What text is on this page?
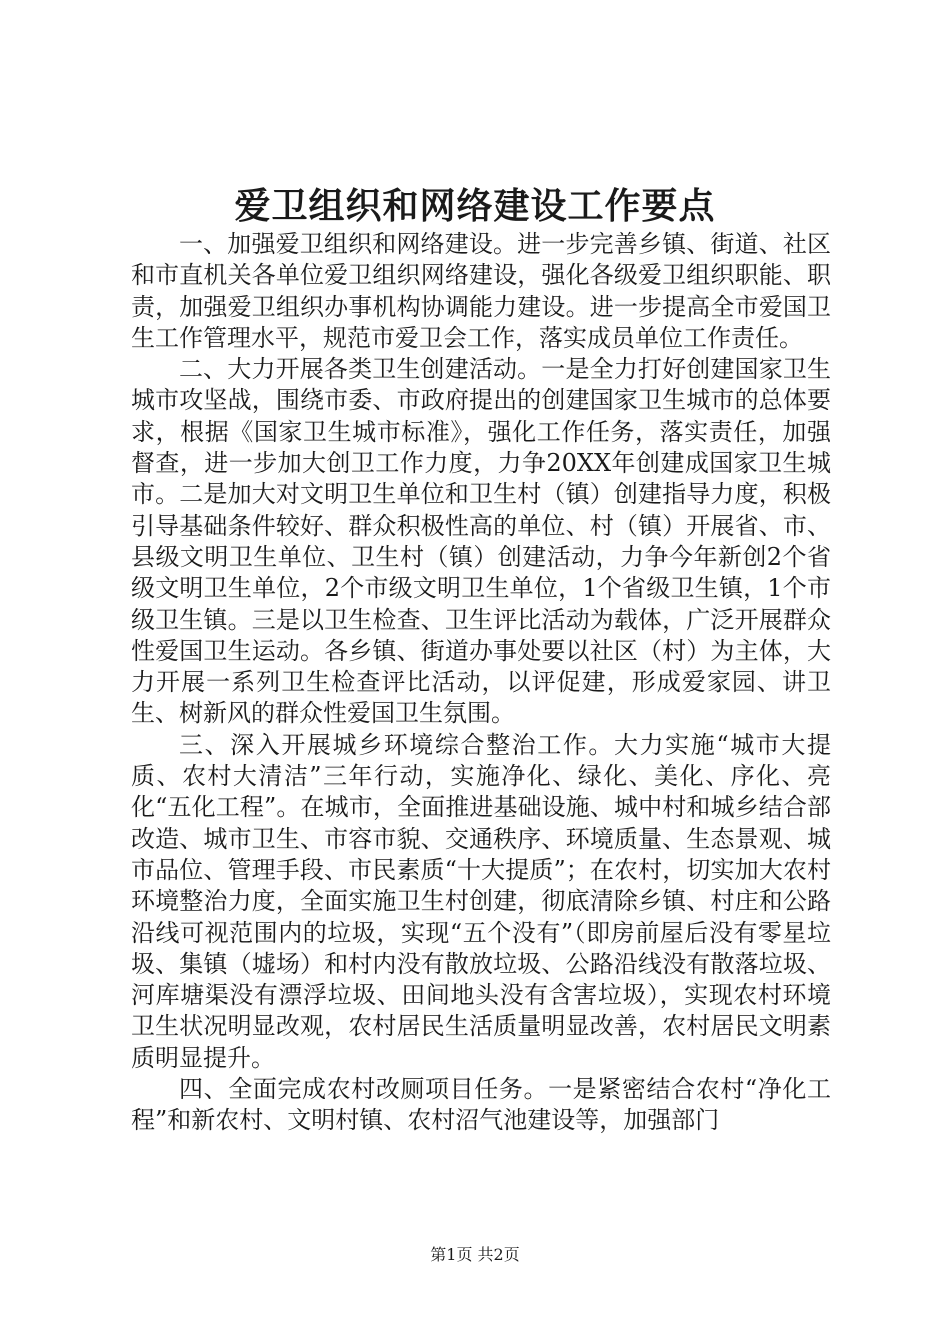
爱卫组织和网络建设工作要点

一、加强爱卫组织和网络建设。进一步完善乡镇、街道、社区和市直机关各单位爱卫组织网络建设，强化各级爱卫组织职能、职责，加强爱卫组织办事机构协调能力建设。进一步提高全市爱国卫生工作管理水平，规范市爱卫会工作，落实成员单位工作责任。

二、大力开展各类卫生创建活动。一是全力打好创建国家卫生城市攻坚战，围绕市委、市政府提出的创建国家卫生城市的总体要求，根据《国家卫生城市标准》，强化工作任务，落实责任，加强督查，进一步加大创卫工作力度，力争20XX年创建成国家卫生城市。二是加大对文明卫生单位和卫生村（镇）创建指导力度，积极引导基础条件较好、群众积极性高的单位、村（镇）开展省、市、县级文明卫生单位、卫生村（镇）创建活动，力争今年新创2个省级文明卫生单位，2个市级文明卫生单位，1个省级卫生镇，1个市级卫生镇。三是以卫生检查、卫生评比活动为载体，广泛开展群众性爱国卫生运动。各乡镇、街道办事处要以社区（村）为主体，大力开展一系列卫生检查评比活动，以评促建，形成爱家园、讲卫生、树新风的群众性爱国卫生氛围。

三、深入开展城乡环境综合整治工作。大力实施“城市大提质、农村大清洁”三年行动，实施净化、绿化、美化、序化、亮化“五化工程”。在城市，全面推进基础设施、城中村和城乡结合部改造、城市卫生、市容市貌、交通秩序、环境质量、生态景观、城市品位、管理手段、市民素质“十大提质”；在农村，切实加大农村环境整治力度，全面实施卫生村创建，彻底清除乡镇、村庄和公路沿线可视范围内的垃圾，实现“五个没有”（即房前屋后没有零星垃圾、集镇（墟场）和村内没有散放垃圾、公路沿线没有散落垃圾、河库塘渠没有漂浮垃圾、田间地头没有含害垃圾），实现农村环境卫生状况明显改观，农村居民生活质量明显改善，农村居民文明素质明显提升。

四、全面完成农村改厕项目任务。一是紧密结合农村“净化工程”和新农村、文明村镇、农村沼气池建设等，加强部门

第1页 共2页
